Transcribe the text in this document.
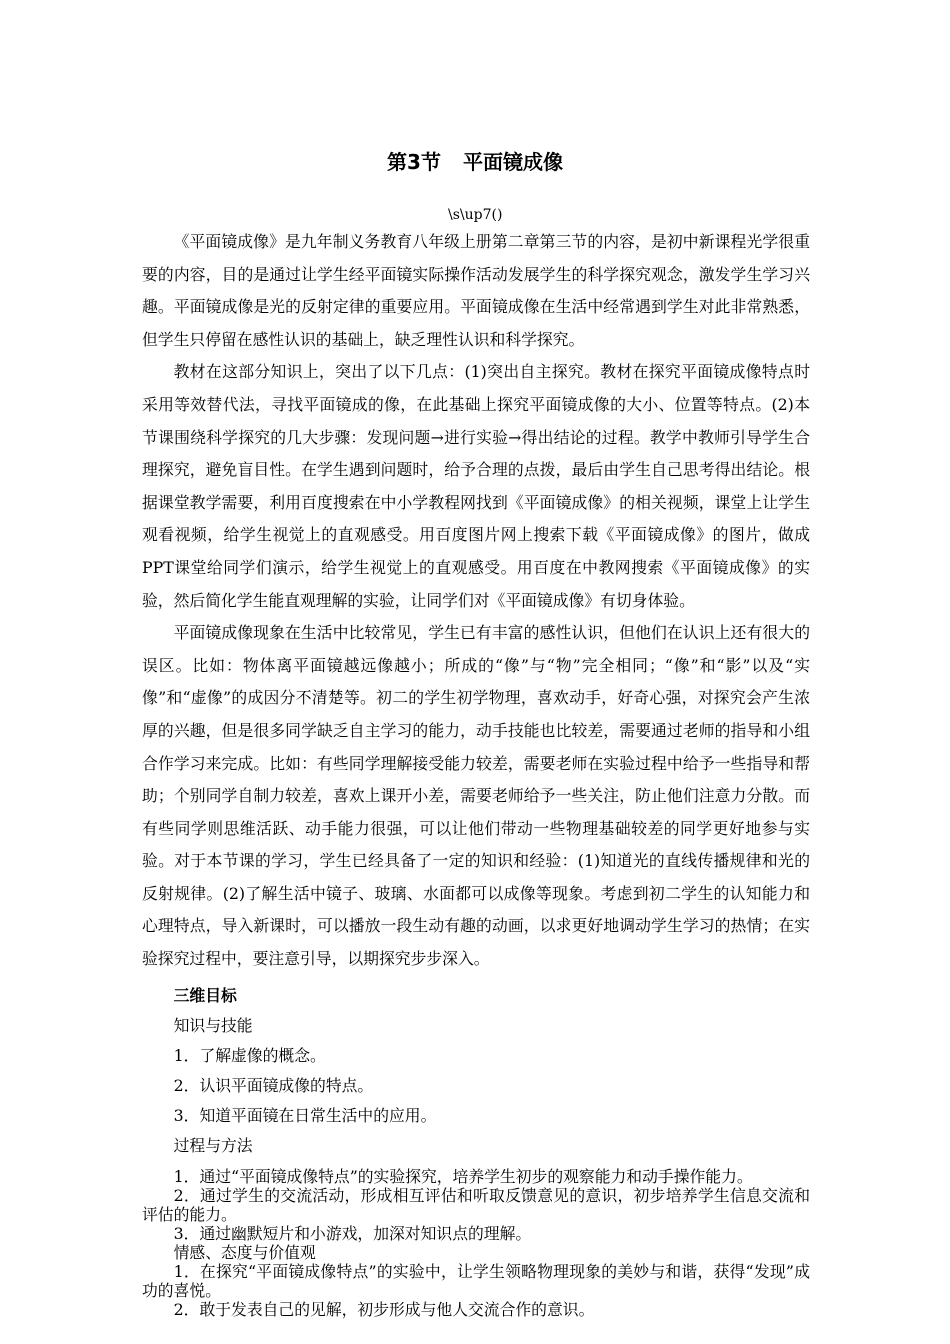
第3节 平面镜成像
\s\up7()

《平面镜成像》是九年制义务教育八年级上册第二章第三节的内容，是初中新课程光学很重要的内容，目的是通过让学生经平面镜实际操作活动发展学生的科学探究观念，激发学生学习兴趣。平面镜成像是光的反射定律的重要应用。平面镜成像在生活中经常遇到学生对此非常熟悉，但学生只停留在感性认识的基础上，缺乏理性认识和科学探究。

教材在这部分知识上，突出了以下几点：(1)突出自主探究。教材在探究平面镜成像特点时采用等效替代法，寻找平面镜成的像，在此基础上探究平面镜成像的大小、位置等特点。(2)本节课围绕科学探究的几大步骤：发现问题→进行实验→得出结论的过程。教学中教师引导学生合理探究，避免盲目性。在学生遇到问题时，给予合理的点拨，最后由学生自己思考得出结论。根据课堂教学需要，利用百度搜索在中小学教程网找到《平面镜成像》的相关视频，课堂上让学生观看视频，给学生视觉上的直观感受。用百度图片网上搜索下载《平面镜成像》的图片，做成PPT课堂给同学们演示，给学生视觉上的直观感受。用百度在中教网搜索《平面镜成像》的实验，然后简化学生能直观理解的实验，让同学们对《平面镜成像》有切身体验。

平面镜成像现象在生活中比较常见，学生已有丰富的感性认识，但他们在认识上还有很大的误区。比如：物体离平面镜越远像越小；所成的“像”与“物”完全相同；“像”和“影”以及“实像”和“虚像”的成因分不清楚等。初二的学生初学物理，喜欢动手，好奇心强，对探究会产生浓厚的兴趣，但是很多同学缺乏自主学习的能力，动手技能也比较差，需要通过老师的指导和小组合作学习来完成。比如：有些同学理解接受能力较差，需要老师在实验过程中给予一些指导和帮助；个别同学自制力较差，喜欢上课开小差，需要老师给予一些关注，防止他们注意力分散。而有些同学则思维活跃、动手能力很强，可以让他们带动一些物理基础较差的同学更好地参与实验。对于本节课的学习，学生已经具备了一定的知识和经验：(1)知道光的直线传播规律和光的反射规律。(2)了解生活中镜子、玻璃、水面都可以成像等现象。考虑到初二学生的认知能力和心理特点，导入新课时，可以播放一段生动有趣的动画，以求更好地调动学生学习的热情；在实验探究过程中，要注意引导，以期探究步步深入。

三维目标

知识与技能

1．了解虚像的概念。

2．认识平面镜成像的特点。

3．知道平面镜在日常生活中的应用。

过程与方法

1．通过“平面镜成像特点”的实验探究，培养学生初步的观察能力和动手操作能力。

2．通过学生的交流活动，形成相互评估和听取反馈意见的意识，初步培养学生信息交流和评估的能力。

3．通过幽默短片和小游戏，加深对知识点的理解。

情感、态度与价值观

1．在探究“平面镜成像特点”的实验中，让学生领略物理现象的美妙与和谐，获得“发现”成功的喜悦。

2．敢于发表自己的见解，初步形成与他人交流合作的意识。
